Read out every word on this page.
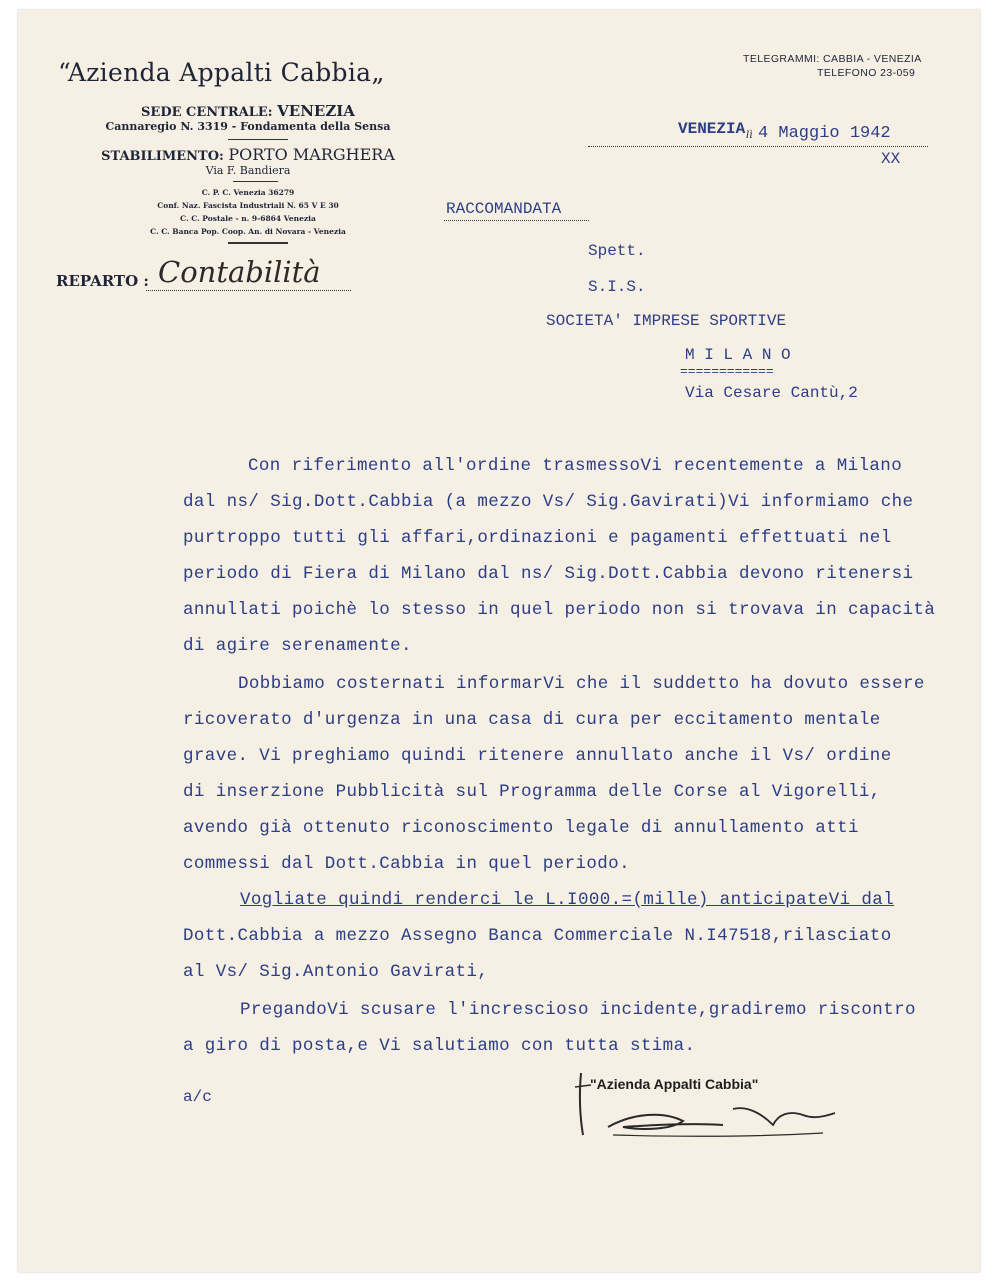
“Azienda Appalti Cabbia„
SEDE CENTRALE: VENEZIA
Cannaregio N. 3319 - Fondamenta della Sensa
STABILIMENTO: PORTO MARGHERA
Via F. Bandiera
C. P. C. Venezia 36279
Conf. Naz. Fascista Industriali N. 65 V E 30
C. C. Postale - n. 9-6864 Venezia
C. C. Banca Pop. Coop. An. di Novara - Venezia
REPARTO : Contabilità
TELEGRAMMI: CABBIA - VENEZIA
TELEFONO 23-059
VENEZIA lì 4 Maggio 1942
XX
RACCOMANDATA
Spett.
S.I.S.
SOCIETA' IMPRESE SPORTIVE
M I L A N O
============
Via Cesare Cantù,2
Con riferimento all'ordine trasmessoVi recentemente a Milano
dal ns/ Sig.Dott.Cabbia (a mezzo Vs/ Sig.Gavirati)Vi informiamo che
purtroppo tutti gli affari,ordinazioni e pagamenti effettuati nel
periodo di Fiera di Milano dal ns/ Sig.Dott.Cabbia devono ritenersi
annullati poichè lo stesso in quel periodo non si trovava in capacità
di agire serenamente.
Dobbiamo costernati informarVi che il suddetto ha dovuto essere
ricoverato d'urgenza in una casa di cura per eccitamento mentale
grave. Vi preghiamo quindi ritenere annullato anche il Vs/ ordine
di inserzione Pubblicità sul Programma delle Corse al Vigorelli,
avendo già ottenuto riconoscimento legale di annullamento atti
commessi dal Dott.Cabbia in quel periodo.
Vogliate quindi renderci le L.I000.=(mille) anticipateVi dal
Dott.Cabbia a mezzo Assegno Banca Commerciale N.I47518,rilasciato
al Vs/ Sig.Antonio Gavirati,
PregandoVi scusare l'increscioso incidente,gradiremo riscontro
a giro di posta,e Vi salutiamo con tutta stima.
a/c
"Azienda Appalti Cabbia"
